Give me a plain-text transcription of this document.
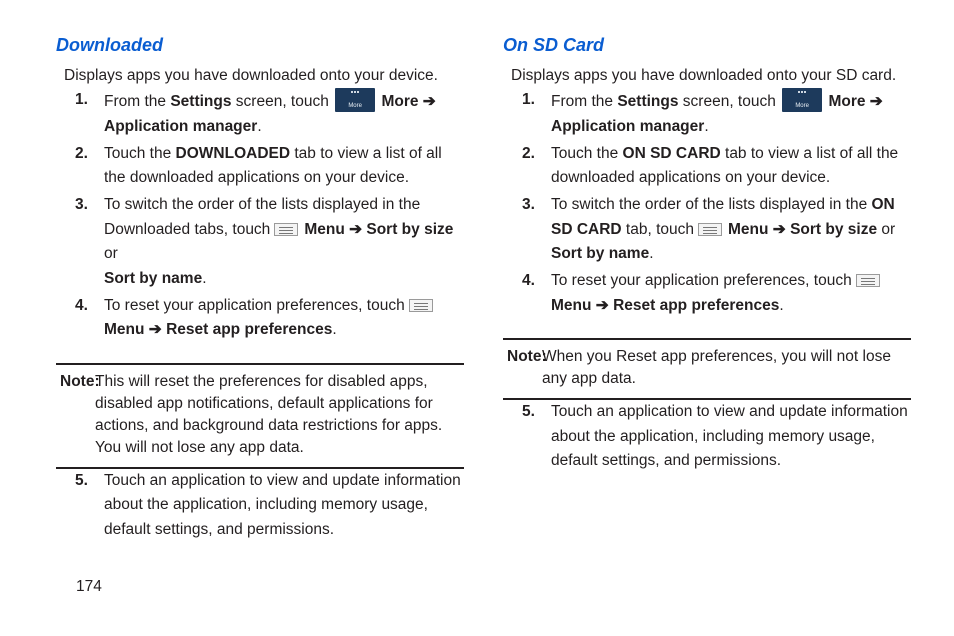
Downloaded

Displays apps you have downloaded onto your device.

1. From the Settings screen, touch	More	More ➔
Application manager.
2. Touch the DOWNLOADED tab to view a list of all the downloaded applications on your device.
3. To switch the order of the lists displayed in the Downloaded tabs, touch Menu ➔ Sort by size or
Sort by name.
4. To reset your application preferences, touch
Menu ➔ Reset app preferences.
Note:
This will reset the preferences for disabled apps, disabled app notifications, default applications for actions, and background data restrictions for apps. You will not lose any app data.
5. Touch an application to view and update information about the application, including memory usage, default settings, and permissions.
On SD Card

Displays apps you have downloaded onto your SD card.

1. From the Settings screen, touch	More	More ➔
Application manager.
2. Touch the ON SD CARD tab to view a list of all the downloaded applications on your device.
3. To switch the order of the lists displayed in the ON SD CARD tab, touch Menu ➔ Sort by size or Sort by name.
4. To reset your application preferences, touch
Menu ➔ Reset app preferences.
Note:
When you Reset app preferences, you will not lose any app data.
5. Touch an application to view and update information about the application, including memory usage, default settings, and permissions.
174
